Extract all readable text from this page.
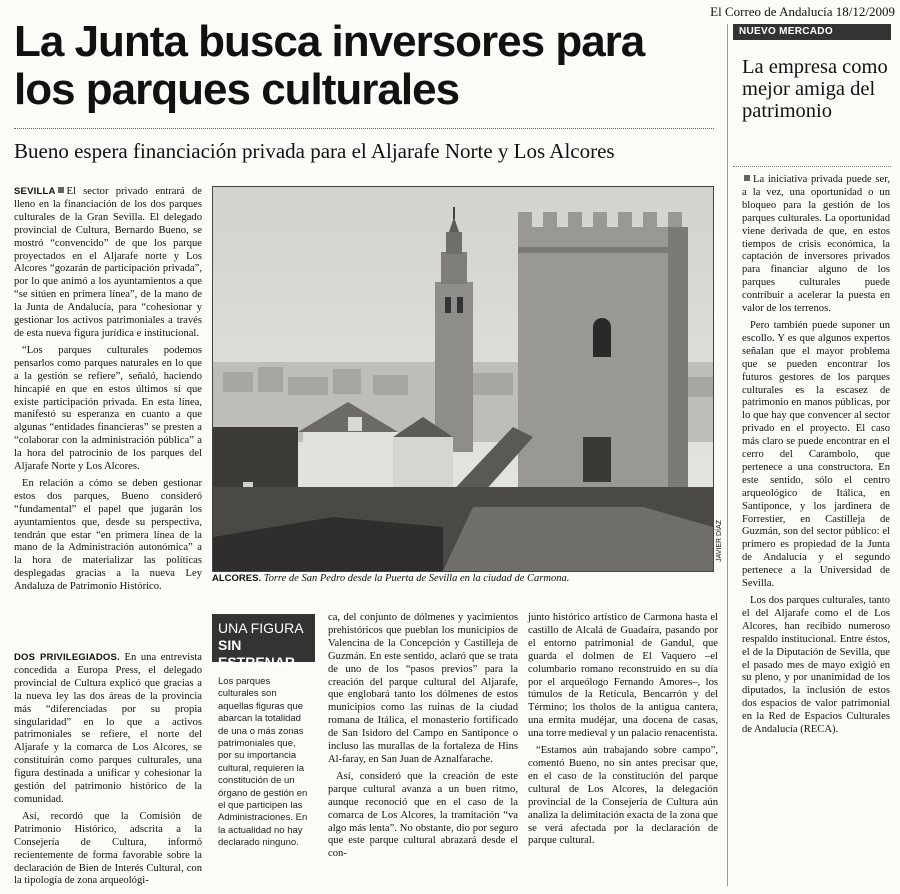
El Correo de Andalucía 18/12/2009
La Junta busca inversores para los parques culturales
Bueno espera financiación privada para el Aljarafe Norte y Los Alcores

SEVILLA El sector privado entrará de lleno en la financiación de los dos parques culturales de la Gran Sevilla. El delegado provincial de Cultura, Bernardo Bueno, se mostró “convencido” de que los parque proyectados en el Aljarafe norte y Los Alcores “gozarán de participación privada”, por lo que animó a los ayuntamientos a que “se sitúen en primera línea”, de la mano de la Junta de Andalucía, para “cohesionar y gestionar los activos patrimoniales a través de esta nueva figura jurídica e institucional.

“Los parques culturales podemos pensarlos como parques naturales en lo que a la gestión se refiere”, señaló, haciendo hincapié en que en estos últimos sí que existe participación privada. En esta línea, manifestó su esperanza en cuanto a que algunas “entidades financieras” se presten a “colaborar con la administración pública” a la hora del patrocinio de los parques del Aljarafe Norte y Los Alcores.

En relación a cómo se deben gestionar estos dos parques, Bueno consideró “fundamental” el papel que jugarán los ayuntamientos que, desde su perspectiva, tendrán que estar “en primera línea de la mano de la Administración autonómica” a la hora de materializar las políticas desplegadas gracias a la nueva Ley Andaluza de Patrimonio Histórico.

DOS PRIVILEGIADOS. En una entrevista concedida a Europa Press, el delegado provincial de Cultura explicó que gracias a la nueva ley las dos áreas de la provincia más “diferenciadas por su propia singularidad” en lo que a activos patrimoniales se refiere, el norte del Aljarafe y la comarca de Los Alcores, se constituirán como parques culturales, una figura destinada a unificar y cohesionar la gestión del patrimonio histórico de la comunidad.

Así, recordó que la Comisión de Patrimonio Histórico, adscrita a la Consejería de Cultura, informó recientemente de forma favorable sobre la declaración de Bien de Interés Cultural, con la tipología de zona arqueológi-

JAVIER DÍAZ
ALCORES. Torre de San Pedro desde la Puerta de Sevilla en la ciudad de Carmona.
UNA FIGURA
SIN ESTRENAR
Los parques culturales son aquellas figuras que abarcan la totalidad de una o más zonas patrimoniales que, por su importancia cultural, requieren la constitución de un órgano de gestión en el que participen las Administraciones. En la actualidad no hay declarado ninguno.

ca, del conjunto de dólmenes y yacimientos prehistóricos que pueblan los municipios de Valencina de la Concepción y Castilleja de Guzmán. En este sentido, aclaró que se trata de uno de los “pasos previos” para la creación del parque cultural del Aljarafe, que englobará tanto los dólmenes de estos municipios como las ruinas de la ciudad romana de Itálica, el monasterio fortificado de San Isidoro del Campo en Santiponce o incluso las murallas de la fortaleza de Hins Al-faray, en San Juan de Aznalfarache.

Así, consideró que la creación de este parque cultural avanza a un buen ritmo, aunque reconoció que en el caso de la comarca de Los Alcores, la tramitación “va algo más lenta”. No obstante, dio por seguro que este parque cultural abrazará desde el con-

junto histórico artístico de Carmona hasta el castillo de Alcalá de Guadaíra, pasando por el entorno patrimonial de Gandul, que guarda el dolmen de El Vaquero –el columbario romano reconstruido en su día por el arqueólogo Fernando Amores–, los túmulos de la Retícula, Bencarrón y del Término; los tholos de la antigua cantera, una ermita mudéjar, una docena de casas, una torre medieval y un palacio renacentista.

“Estamos aún trabajando sobre campo”, comentó Bueno, no sin antes precisar que, en el caso de la constitución del parque cultural de Los Alcores, la delegación provincial de la Consejería de Cultura aún analiza la delimitación exacta de la zona que se verá afectada por la declaración de parque cultural.

NUEVO MERCADO
La empresa como mejor amiga del patrimonio

La iniciativa privada puede ser, a la vez, una oportunidad o un bloqueo para la gestión de los parques culturales. La oportunidad viene derivada de que, en estos tiempos de crisis económica, la captación de inversores privados para financiar alguno de los parques culturales puede contribuir a acelerar la puesta en valor de los terrenos.

Pero también puede suponer un escollo. Y es que algunos expertos señalan que el mayor problema que se pueden encontrar los futuros gestores de los parques culturales es la escasez de patrimonio en manos públicas, por lo que hay que convencer al sector privado en el proyecto. El caso más claro se puede encontrar en el cerro del Carambolo, que pertenece a una constructora. En este sentido, sólo el centro arqueológico de Itálica, en Santiponce, y los jardinera de Forrestier, en Castilleja de Guzmán, son del sector público: el primero es propiedad de la Junta de Andalucía y el segundo pertenece a la Universidad de Sevilla.

Los dos parques culturales, tanto el del Aljarafe como el de Los Alcores, han recibido numeroso respaldo institucional. Entre éstos, el de la Diputación de Sevilla, que el pasado mes de mayo exigió en su pleno, y por unanimidad de los diputados, la inclusión de estos dos espacios de valor patrimonial en la Red de Espacios Culturales de Andalucía (RECA).
